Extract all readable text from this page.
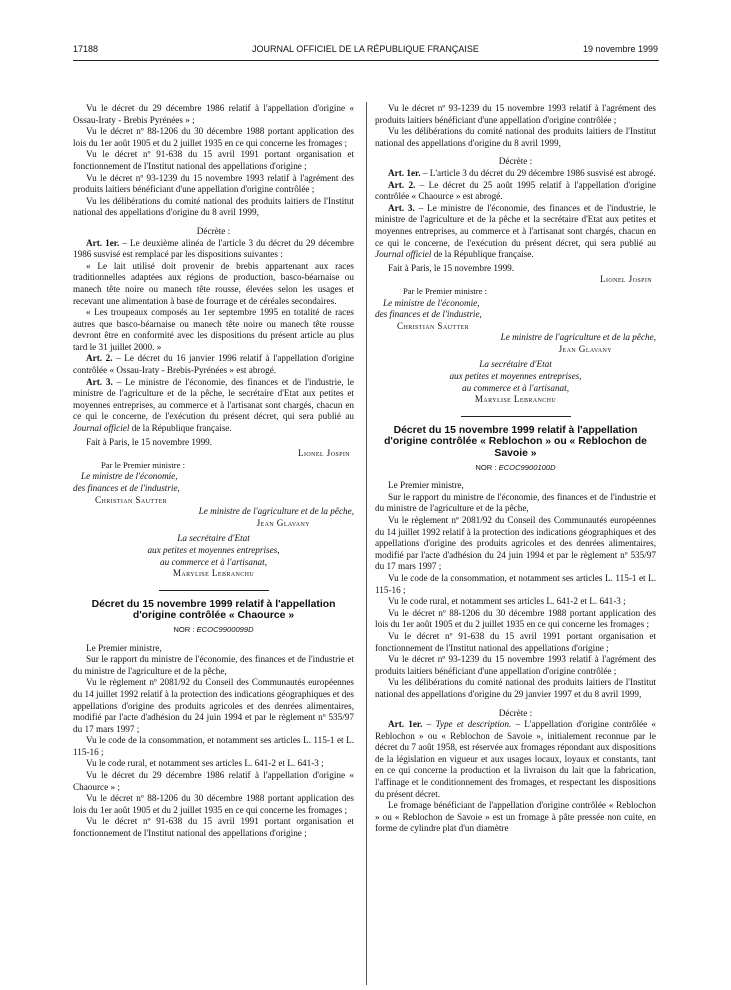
17188	JOURNAL OFFICIEL DE LA RÉPUBLIQUE FRANÇAISE	19 novembre 1999

Vu le décret du 29 décembre 1986 relatif à l'appellation d'origine « Ossau-Iraty - Brebis Pyrénées » ;

Vu le décret nº 88-1206 du 30 décembre 1988 portant application des lois du 1er août 1905 et du 2 juillet 1935 en ce qui concerne les fromages ;

Vu le décret nº 91-638 du 15 avril 1991 portant organisation et fonctionnement de l'Institut national des appellations d'origine ;

Vu le décret nº 93-1239 du 15 novembre 1993 relatif à l'agrément des produits laitiers bénéficiant d'une appellation d'origine contrôlée ;

Vu les délibérations du comité national des produits laitiers de l'Institut national des appellations d'origine du 8 avril 1999,

Décrète :

Art. 1er. – Le deuxième alinéa de l'article 3 du décret du 29 décembre 1986 susvisé est remplacé par les dispositions suivantes :

« Le lait utilisé doit provenir de brebis appartenant aux races traditionnelles adaptées aux régions de production, basco-béarnaise ou manech tête noire ou manech tête rousse, élevées selon les usages et recevant une alimentation à base de fourrage et de céréales secondaires.

« Les troupeaux composés au 1er septembre 1995 en totalité de races autres que basco-béarnaise ou manech tête noire ou manech tête rousse devront être en conformité avec les dispositions du présent article au plus tard le 31 juillet 2000. »

Art. 2. – Le décret du 16 janvier 1996 relatif à l'appellation d'origine contrôlée « Ossau-Iraty - Brebis-Pyrénées » est abrogé.

Art. 3. – Le ministre de l'économie, des finances et de l'industrie, le ministre de l'agriculture et de la pêche, le secrétaire d'Etat aux petites et moyennes entreprises, au commerce et à l'artisanat sont chargés, chacun en ce qui le concerne, de l'exécution du présent décret, qui sera publié au Journal officiel de la République française.

Fait à Paris, le 15 novembre 1999.

Lionel Jospin

Par le Premier ministre :

Le ministre de l'économie,

des finances et de l'industrie,

Christian Sautter

Le ministre de l'agriculture et de la pêche,

Jean Glavany

La secrétaire d'Etat

aux petites et moyennes entreprises,

au commerce et à l'artisanat,

Marylise Lebranchu

Décret du 15 novembre 1999 relatif à l'appellation d'origine contrôlée « Chaource »

NOR : ECOC9900099D

Le Premier ministre,

Sur le rapport du ministre de l'économie, des finances et de l'industrie et du ministre de l'agriculture et de la pêche,

Vu le règlement nº 2081/92 du Conseil des Communautés européennes du 14 juillet 1992 relatif à la protection des indications géographiques et des appellations d'origine des produits agricoles et des denrées alimentaires, modifié par l'acte d'adhésion du 24 juin 1994 et par le règlement nº 535/97 du 17 mars 1997 ;

Vu le code de la consommation, et notamment ses articles L. 115-1 et L. 115-16 ;

Vu le code rural, et notamment ses articles L. 641-2 et L. 641-3 ;

Vu le décret du 29 décembre 1986 relatif à l'appellation d'origine « Chaource » ;

Vu le décret nº 88-1206 du 30 décembre 1988 portant application des lois du 1er août 1905 et du 2 juillet 1935 en ce qui concerne les fromages ;

Vu le décret nº 91-638 du 15 avril 1991 portant organisation et fonctionnement de l'Institut national des appellations d'origine ;

Vu le décret nº 93-1239 du 15 novembre 1993 relatif à l'agrément des produits laitiers bénéficiant d'une appellation d'origine contrôlée ;

Vu les délibérations du comité national des produits laitiers de l'Institut national des appellations d'origine du 8 avril 1999,

Décrète :

Art. 1er. – L'article 3 du décret du 29 décembre 1986 susvisé est abrogé.

Art. 2. – Le décret du 25 août 1995 relatif à l'appellation d'origine contrôlée « Chaource » est abrogé.

Art. 3. – Le ministre de l'économie, des finances et de l'industrie, le ministre de l'agriculture et de la pêche et la secrétaire d'Etat aux petites et moyennes entreprises, au commerce et à l'artisanat sont chargés, chacun en ce qui le concerne, de l'exécution du présent décret, qui sera publié au Journal officiel de la République française.

Fait à Paris, le 15 novembre 1999.

Lionel Jospin

Par le Premier ministre :

Le ministre de l'économie,

des finances et de l'industrie,

Christian Sautter

Le ministre de l'agriculture et de la pêche,

Jean Glavany

La secrétaire d'Etat

aux petites et moyennes entreprises,

au commerce et à l'artisanat,

Marylise Lebranchu

Décret du 15 novembre 1999 relatif à l'appellation d'origine contrôlée « Reblochon » ou « Reblochon de Savoie »

NOR : ECOC9900100D

Le Premier ministre,

Sur le rapport du ministre de l'économie, des finances et de l'industrie et du ministre de l'agriculture et de la pêche,

Vu le règlement nº 2081/92 du Conseil des Communautés européennes du 14 juillet 1992 relatif à la protection des indications géographiques et des appellations d'origine des produits agricoles et des denrées alimentaires, modifié par l'acte d'adhésion du 24 juin 1994 et par le règlement nº 535/97 du 17 mars 1997 ;

Vu le code de la consommation, et notamment ses articles L. 115-1 et L. 115-16 ;

Vu le code rural, et notamment ses articles L. 641-2 et L. 641-3 ;

Vu le décret nº 88-1206 du 30 décembre 1988 portant application des lois du 1er août 1905 et du 2 juillet 1935 en ce qui concerne les fromages ;

Vu le décret nº 91-638 du 15 avril 1991 portant organisation et fonctionnement de l'Institut national des appellations d'origine ;

Vu le décret nº 93-1239 du 15 novembre 1993 relatif à l'agrément des produits laitiers bénéficiant d'une appellation d'origine contrôlée ;

Vu les délibérations du comité national des produits laitiers de l'Institut national des appellations d'origine du 29 janvier 1997 et du 8 avril 1999,

Décrète :

Art. 1er. – Type et description. – L'appellation d'origine contrôlée « Reblochon » ou « Reblochon de Savoie », initialement reconnue par le décret du 7 août 1958, est réservée aux fromages répondant aux dispositions de la législation en vigueur et aux usages locaux, loyaux et constants, tant en ce qui concerne la production et la livraison du lait que la fabrication, l'affinage et le conditionnement des fromages, et respectant les dispositions du présent décret.

Le fromage bénéficiant de l'appellation d'origine contrôlée « Reblochon » ou « Reblochon de Savoie » est un fromage à pâte pressée non cuite, en forme de cylindre plat d'un diamètre
